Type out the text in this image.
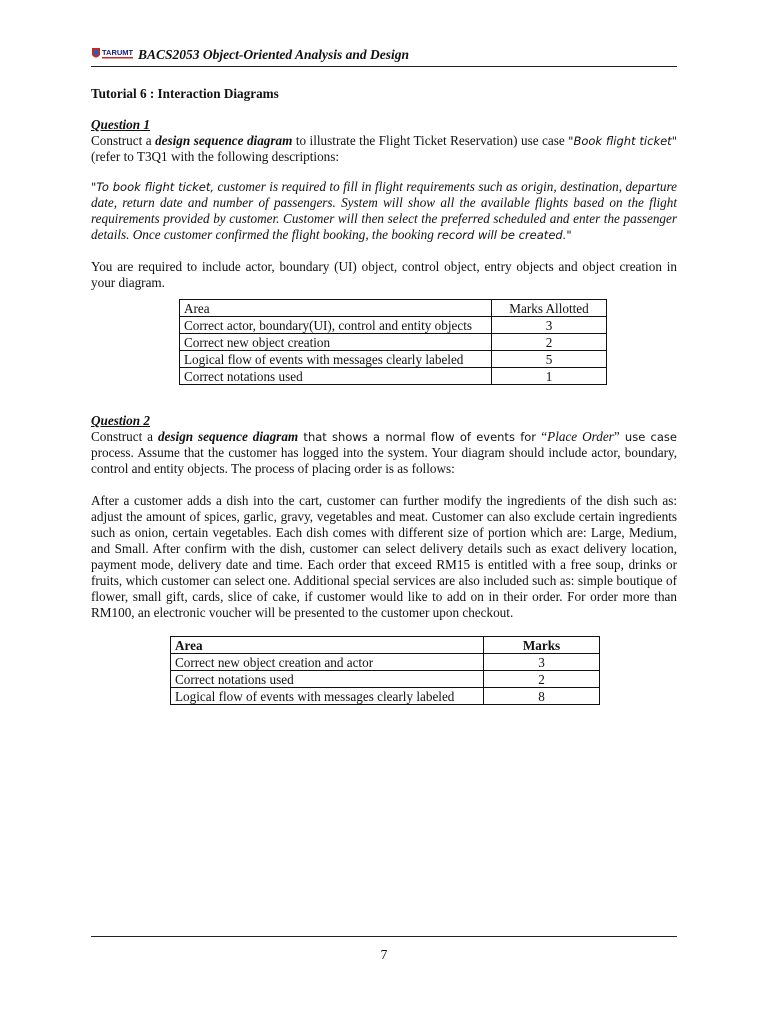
TARUMT BACS2053 Object-Oriented Analysis and Design
Tutorial 6 : Interaction Diagrams
Question 1

Construct a design sequence diagram to illustrate the Flight Ticket Reservation) use case "Book flight ticket" (refer to T3Q1 with the following descriptions:

"To book flight ticket, customer is required to fill in flight requirements such as origin, destination, departure date, return date and number of passengers. System will show all the available flights based on the flight requirements provided by customer. Customer will then select the preferred scheduled and enter the passenger details. Once customer confirmed the flight booking, the booking record will be created."

You are required to include actor, boundary (UI) object, control object, entry objects and object creation in your diagram.

Area	Marks Allotted
Correct actor, boundary(UI), control and entity objects	3
Correct new object creation	2
Logical flow of events with messages clearly labeled	5
Correct notations used	1
Question 2

Construct a design sequence diagram that shows a normal flow of events for “Place Order” use case process. Assume that the customer has logged into the system. Your diagram should include actor, boundary, control and entity objects. The process of placing order is as follows:

After a customer adds a dish into the cart, customer can further modify the ingredients of the dish such as: adjust the amount of spices, garlic, gravy, vegetables and meat. Customer can also exclude certain ingredients such as onion, certain vegetables. Each dish comes with different size of portion which are: Large, Medium, and Small. After confirm with the dish, customer can select delivery details such as exact delivery location, payment mode, delivery date and time. Each order that exceed RM15 is entitled with a free soup, drinks or fruits, which customer can select one. Additional special services are also included such as: simple boutique of flower, small gift, cards, slice of cake, if customer would like to add on in their order. For order more than RM100, an electronic voucher will be presented to the customer upon checkout.

Area	Marks
Correct new object creation and actor	3
Correct notations used	2
Logical flow of events with messages clearly labeled	8
7
